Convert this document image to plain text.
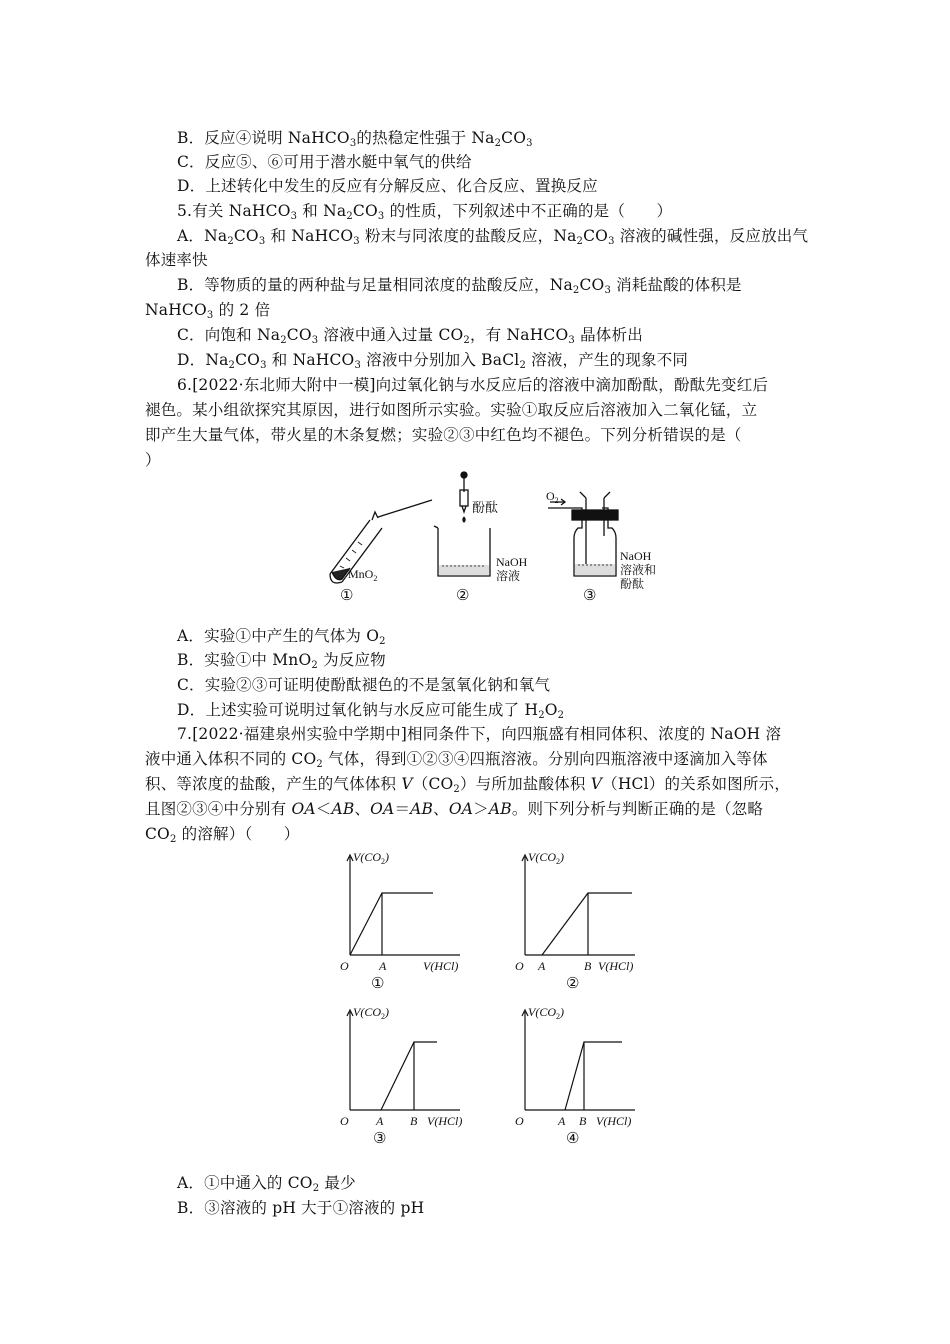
B．反应④说明 NaHCO$_3$的热稳定性强于 $Na_2CO_3$
C．反应⑤、⑥可用于潜水艇中氧气的供给
D．上述转化中发生的反应有分解反应、化合反应、置换反应
5.有关 NaHCO$_3$ 和 $Na_2CO_3$ 的性质，下列叙述中不正确的是（　　）
A．$Na_2CO_3$ 和 NaHCO$_3$ 粉末与同浓度的盐酸反应，$Na_2CO_3$ 溶液的碱性强，反应放出气
体速率快
B．等物质的量的两种盐与足量相同浓度的盐酸反应，$Na_2CO_3$ 消耗盐酸的体积是
NaHCO$_3$ 的 2 倍
C．向饱和 $Na_2CO_3$ 溶液中通入过量 $CO_2$，有 NaHCO$_3$ 晶体析出
D．$Na_2CO_3$ 和 NaHCO$_3$ 溶液中分别加入 BaCl$_2$ 溶液，产生的现象不同
6.[2022·东北师大附中一模]向过氧化钠与水反应后的溶液中滴加酚酞，酚酞先变红后
褪色。某小组欲探究其原因，进行如图所示实验。实验①取反应后溶液加入二氧化锰，立
即产生大量气体，带火星的木条复燃；实验②③中红色均不褪色。下列分析错误的是（
）
MnO$_2$
①
酚酞
NaOH
溶液
②
$O_2$
NaOH
溶液和
酚酞
③
A．实验①中产生的气体为 $O_2$
B．实验①中 MnO$_2$ 为反应物
C．实验②③可证明使酚酞褪色的不是氢氧化钠和氧气
D．上述实验可说明过氧化钠与水反应可能生成了 $H_2O_2$
7.[2022·福建泉州实验中学期中]相同条件下，向四瓶盛有相同体积、浓度的 NaOH 溶
液中通入体积不同的 $CO_2$ 气体，得到①②③④四瓶溶液。分别向四瓶溶液中逐滴加入等体
积、等浓度的盐酸，产生的气体体积 $V(CO_2)$与所加盐酸体积 V（HCl）的关系如图所示，
且图②③④中分别有 OA＜AB、OA＝AB、OA＞AB。则下列分析与判断正确的是（忽略
$CO_2$ 的溶解）（　　）
$V(CO_2)$
O	A	V(HCl)
①
$V(CO_2)$
O A	B V(HCl)
②
$V(CO_2)$
O A B V(HCl)
③
$V(CO_2)$
O	A B V(HCl)
④
A．①中通入的 $CO_2$ 最少
B．③溶液的 pH 大于①溶液的 pH
